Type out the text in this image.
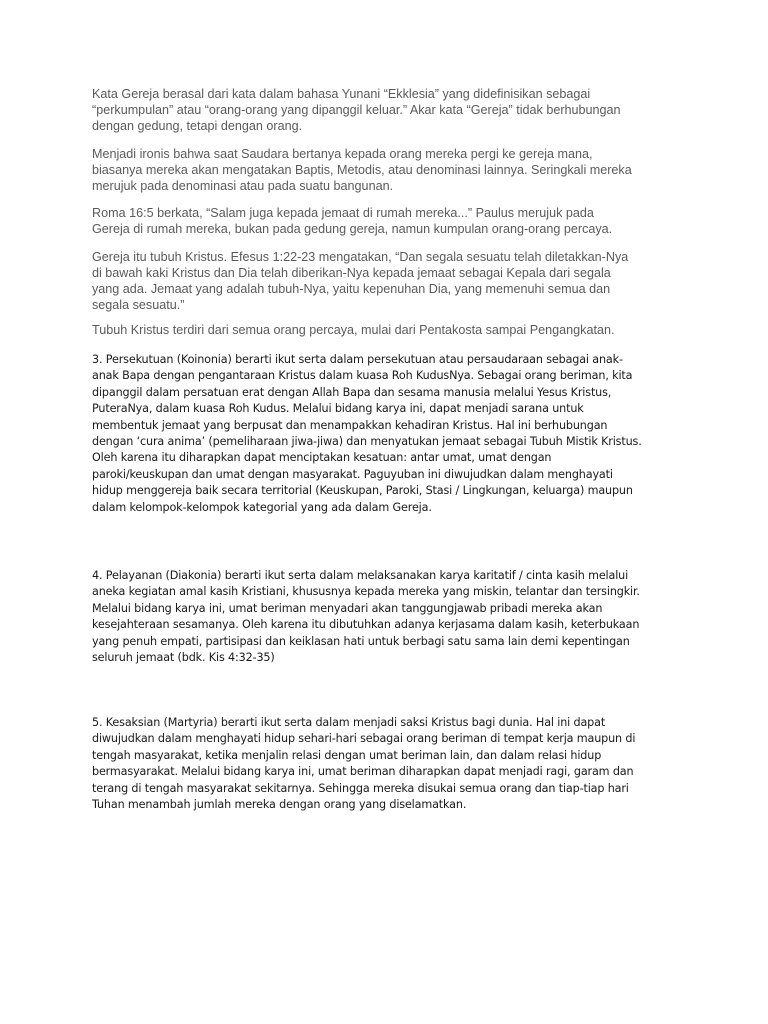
Kata Gereja berasal dari kata dalam bahasa Yunani “Ekklesia” yang didefinisikan sebagai
“perkumpulan” atau “orang-orang yang dipanggil keluar.” Akar kata “Gereja” tidak berhubungan
dengan gedung, tetapi dengan orang.
Menjadi ironis bahwa saat Saudara bertanya kepada orang mereka pergi ke gereja mana,
biasanya mereka akan mengatakan Baptis, Metodis, atau denominasi lainnya. Seringkali mereka
merujuk pada denominasi atau pada suatu bangunan.
Roma 16:5 berkata, “Salam juga kepada jemaat di rumah mereka...” Paulus merujuk pada
Gereja di rumah mereka, bukan pada gedung gereja, namun kumpulan orang-orang percaya.
Gereja itu tubuh Kristus. Efesus 1:22-23 mengatakan, “Dan segala sesuatu telah diletakkan-Nya
di bawah kaki Kristus dan Dia telah diberikan-Nya kepada jemaat sebagai Kepala dari segala
yang ada. Jemaat yang adalah tubuh-Nya, yaitu kepenuhan Dia, yang memenuhi semua dan
segala sesuatu.”
Tubuh Kristus terdiri dari semua orang percaya, mulai dari Pentakosta sampai Pengangkatan.
3. Persekutuan (Koinonia) berarti ikut serta dalam persekutuan atau persaudaraan sebagai anak-
anak Bapa dengan pengantaraan Kristus dalam kuasa Roh KudusNya. Sebagai orang beriman, kita
dipanggil dalam persatuan erat dengan Allah Bapa dan sesama manusia melalui Yesus Kristus,
PuteraNya, dalam kuasa Roh Kudus. Melalui bidang karya ini, dapat menjadi sarana untuk
membentuk jemaat yang berpusat dan menampakkan kehadiran Kristus. Hal ini berhubungan
dengan ‘cura anima’ (pemeliharaan jiwa-jiwa) dan menyatukan jemaat sebagai Tubuh Mistik Kristus.
Oleh karena itu diharapkan dapat menciptakan kesatuan: antar umat, umat dengan
paroki/keuskupan dan umat dengan masyarakat. Paguyuban ini diwujudkan dalam menghayati
hidup menggereja baik secara territorial (Keuskupan, Paroki, Stasi / Lingkungan, keluarga) maupun
dalam kelompok-kelompok kategorial yang ada dalam Gereja.
4. Pelayanan (Diakonia) berarti ikut serta dalam melaksanakan karya karitatif / cinta kasih melalui
aneka kegiatan amal kasih Kristiani, khususnya kepada mereka yang miskin, telantar dan tersingkir.
Melalui bidang karya ini, umat beriman menyadari akan tanggungjawab pribadi mereka akan
kesejahteraan sesamanya. Oleh karena itu dibutuhkan adanya kerjasama dalam kasih, keterbukaan
yang penuh empati, partisipasi dan keiklasan hati untuk berbagi satu sama lain demi kepentingan
seluruh jemaat (bdk. Kis 4:32-35)
5. Kesaksian (Martyria) berarti ikut serta dalam menjadi saksi Kristus bagi dunia. Hal ini dapat
diwujudkan dalam menghayati hidup sehari-hari sebagai orang beriman di tempat kerja maupun di
tengah masyarakat, ketika menjalin relasi dengan umat beriman lain, dan dalam relasi hidup
bermasyarakat. Melalui bidang karya ini, umat beriman diharapkan dapat menjadi ragi, garam dan
terang di tengah masyarakat sekitarnya. Sehingga mereka disukai semua orang dan tiap-tiap hari
Tuhan menambah jumlah mereka dengan orang yang diselamatkan.
